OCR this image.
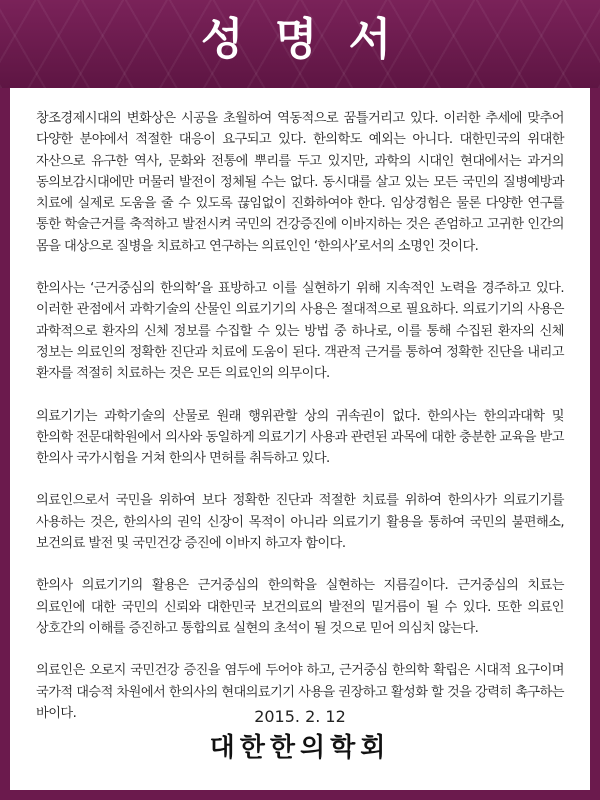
성 명 서

창조경제시대의 변화상은 시공을 초월하여 역동적으로 꿈틀거리고 있다. 이러한 추세에 맞추어 다양한 분야에서 적절한 대응이 요구되고 있다. 한의학도 예외는 아니다. 대한민국의 위대한 자산으로 유구한 역사, 문화와 전통에 뿌리를 두고 있지만, 과학의 시대인 현대에서는 과거의 동의보감시대에만 머물러 발전이 정체될 수는 없다. 동시대를 살고 있는 모든 국민의 질병예방과 치료에 실제로 도움을 줄 수 있도록 끊임없이 진화하여야 한다. 임상경험은 물론 다양한 연구를 통한 학술근거를 축적하고 발전시켜 국민의 건강증진에 이바지하는 것은 존엄하고 고귀한 인간의 몸을 대상으로 질병을 치료하고 연구하는 의료인인 ‘한의사’로서의 소명인 것이다.

한의사는 ‘근거중심의 한의학’을 표방하고 이를 실현하기 위해 지속적인 노력을 경주하고 있다. 이러한 관점에서 과학기술의 산물인 의료기기의 사용은 절대적으로 필요하다. 의료기기의 사용은 과학적으로 환자의 신체 정보를 수집할 수 있는 방법 중 하나로, 이를 통해 수집된 환자의 신체 정보는 의료인의 정확한 진단과 치료에 도움이 된다. 객관적 근거를 통하여 정확한 진단을 내리고 환자를 적절히 치료하는 것은 모든 의료인의 의무이다.

의료기기는 과학기술의 산물로 원래 행위관할 상의 귀속권이 없다. 한의사는 한의과대학 및 한의학 전문대학원에서 의사와 동일하게 의료기기 사용과 관련된 과목에 대한 충분한 교육을 받고 한의사 국가시험을 거쳐 한의사 면허를 취득하고 있다.

의료인으로서 국민을 위하여 보다 정확한 진단과 적절한 치료를 위하여 한의사가 의료기기를 사용하는 것은, 한의사의 권익 신장이 목적이 아니라 의료기기 활용을 통하여 국민의 불편해소, 보건의료 발전 및 국민건강 증진에 이바지 하고자 함이다.

한의사 의료기기의 활용은 근거중심의 한의학을 실현하는 지름길이다. 근거중심의 치료는 의료인에 대한 국민의 신뢰와 대한민국 보건의료의 발전의 밑거름이 될 수 있다. 또한 의료인 상호간의 이해를 증진하고 통합의료 실현의 초석이 될 것으로 믿어 의심치 않는다.

의료인은 오로지 국민건강 증진을 염두에 두어야 하고, 근거중심 한의학 확립은 시대적 요구이며 국가적 대승적 차원에서 한의사의 현대의료기기 사용을 권장하고 활성화 할 것을 강력히 촉구하는 바이다.	2015. 2. 12
대한한의학회
